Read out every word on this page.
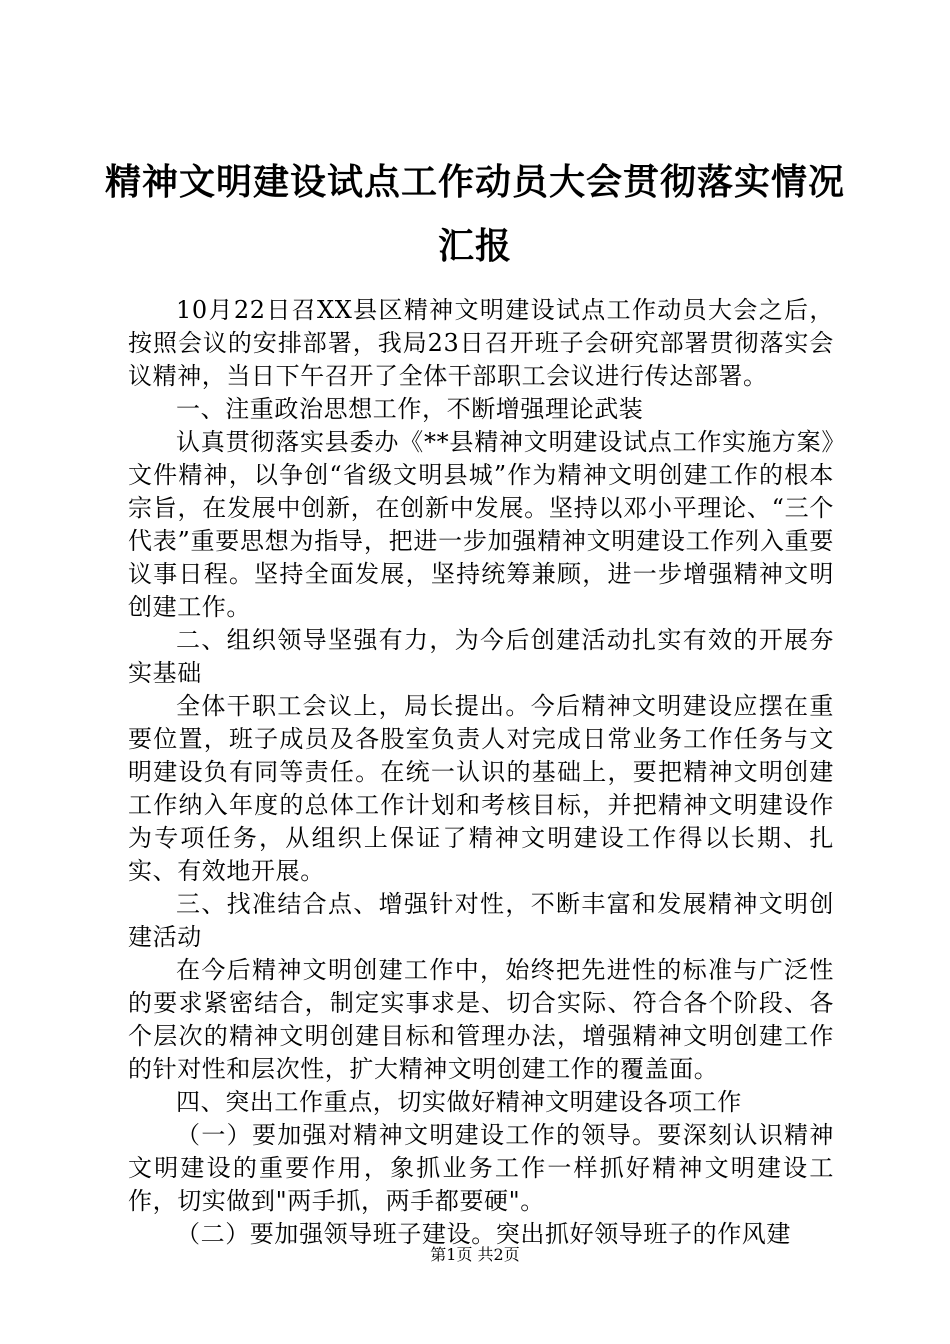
精神文明建设试点工作动员大会贯彻落实情况
汇报

10月22日召XX县区精神文明建设试点工作动员大会之后，按照会议的安排部署，我局23日召开班子会研究部署贯彻落实会议精神，当日下午召开了全体干部职工会议进行传达部署。

一、注重政治思想工作，不断增强理论武装

认真贯彻落实县委办《**县精神文明建设试点工作实施方案》文件精神，以争创“省级文明县城”作为精神文明创建工作的根本宗旨，在发展中创新，在创新中发展。坚持以邓小平理论、“三个代表”重要思想为指导，把进一步加强精神文明建设工作列入重要议事日程。坚持全面发展，坚持统筹兼顾，进一步增强精神文明创建工作。

二、组织领导坚强有力，为今后创建活动扎实有效的开展夯实基础

全体干职工会议上，局长提出。今后精神文明建设应摆在重要位置，班子成员及各股室负责人对完成日常业务工作任务与文明建设负有同等责任。在统一认识的基础上，要把精神文明创建工作纳入年度的总体工作计划和考核目标，并把精神文明建设作为专项任务，从组织上保证了精神文明建设工作得以长期、扎实、有效地开展。

三、找准结合点、增强针对性，不断丰富和发展精神文明创建活动

在今后精神文明创建工作中，始终把先进性的标准与广泛性的要求紧密结合，制定实事求是、切合实际、符合各个阶段、各个层次的精神文明创建目标和管理办法，增强精神文明创建工作的针对性和层次性，扩大精神文明创建工作的覆盖面。

四、突出工作重点，切实做好精神文明建设各项工作

（一）要加强对精神文明建设工作的领导。要深刻认识精神文明建设的重要作用，象抓业务工作一样抓好精神文明建设工作，切实做到"两手抓，两手都要硬"。

（二）要加强领导班子建设。突出抓好领导班子的作风建

第1页 共2页
